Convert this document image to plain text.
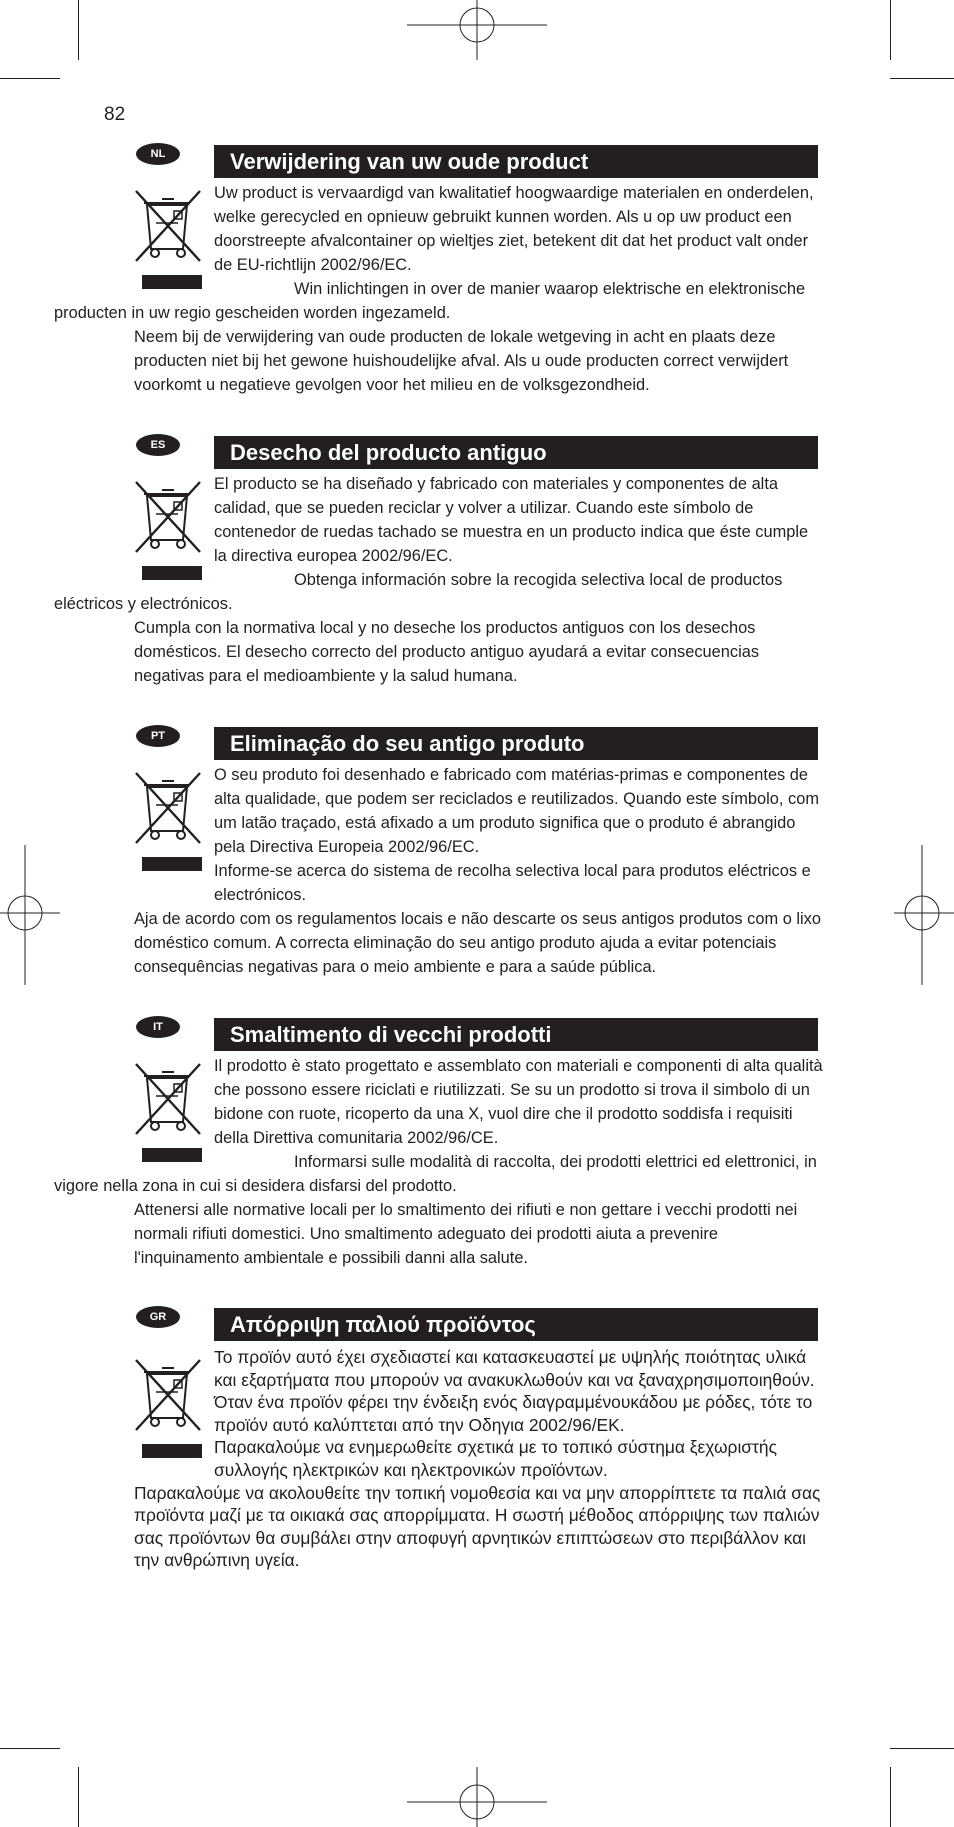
82
NL	Verwijdering van uw oude product

Uw product is vervaardigd van kwalitatief hoogwaardige materialen en onderdelen, welke gerecycled en opnieuw gebruikt kunnen worden. Als u op uw product een doorstreepte afvalcontainer op wieltjes ziet, betekent dit dat het product valt onder de EU-richtlijn 2002/96/EC.

Win inlichtingen in over de manier waarop elektrische en elektronische producten in uw regio gescheiden worden ingezameld.

Neem bij de verwijdering van oude producten de lokale wetgeving in acht en plaats deze producten niet bij het gewone huishoudelijke afval. Als u oude producten correct verwijdert voorkomt u negatieve gevolgen voor het milieu en de volksgezondheid.

ES	Desecho del producto antiguo

El producto se ha diseñado y fabricado con materiales y componentes de alta calidad, que se pueden reciclar y volver a utilizar. Cuando este símbolo de contenedor de ruedas tachado se muestra en un producto indica que éste cumple la directiva europea 2002/96/EC.

Obtenga información sobre la recogida selectiva local de productos eléctricos y electrónicos.

Cumpla con la normativa local y no deseche los productos antiguos con los desechos domésticos. El desecho correcto del producto antiguo ayudará a evitar consecuencias negativas para el medioambiente y la salud humana.

PT	Eliminação do seu antigo produto

O seu produto foi desenhado e fabricado com matérias-primas e componentes de alta qualidade, que podem ser reciclados e reutilizados. Quando este símbolo, com um latão traçado, está afixado a um produto significa que o produto é abrangido pela Directiva Europeia 2002/96/EC.

Informe-se acerca do sistema de recolha selectiva local para produtos eléctricos e electrónicos.

Aja de acordo com os regulamentos locais e não descarte os seus antigos produtos com o lixo doméstico comum. A correcta eliminação do seu antigo produto ajuda a evitar potenciais consequências negativas para o meio ambiente e para a saúde pública.

IT	Smaltimento di vecchi prodotti

Il prodotto è stato progettato e assemblato con materiali e componenti di alta qualità che possono essere riciclati e riutilizzati. Se su un prodotto si trova il simbolo di un bidone con ruote, ricoperto da una X, vuol dire che il prodotto soddisfa i requisiti della Direttiva comunitaria 2002/96/CE.

Informarsi sulle modalità di raccolta, dei prodotti elettrici ed elettronici, in vigore nella zona in cui si desidera disfarsi del prodotto.

Attenersi alle normative locali per lo smaltimento dei rifiuti e non gettare i vecchi prodotti nei normali rifiuti domestici. Uno smaltimento adeguato dei prodotti aiuta a prevenire l'inquinamento ambientale e possibili danni alla salute.

GR	Απόρριψη παλιού προϊόντος

Το προϊόν αυτό έχει σχεδιαστεί και κατασκευαστεί με υψηλής ποιότητας υλικά και εξαρτήματα που μπορούν να ανακυκλωθούν και να ξαναχρησιμοποιηθούν.

Όταν ένα προϊόν φέρει την ένδειξη ενός διαγραμμένουκάδου με ρόδες, τότε το προϊόν αυτό καλύπτεται από την Οδηγια 2002/96/ΕΚ.

Παρακαλούμε να ενημερωθείτε σχετικά με το τοπικό σύστημα ξεχωριστής συλλογής ηλεκτρικών και ηλεκτρονικών προϊόντων.

Παρακαλούμε να ακολουθείτε την τοπική νομοθεσία και να μην απορρίπτετε τα παλιά σας προϊόντα μαζί με τα οικιακά σας απορρίμματα. Η σωστή μέθοδος απόρριψης των παλιών σας προϊόντων θα συμβάλει στην αποφυγή αρνητικών επιπτώσεων στο περιβάλλον και την ανθρώπινη υγεία.
